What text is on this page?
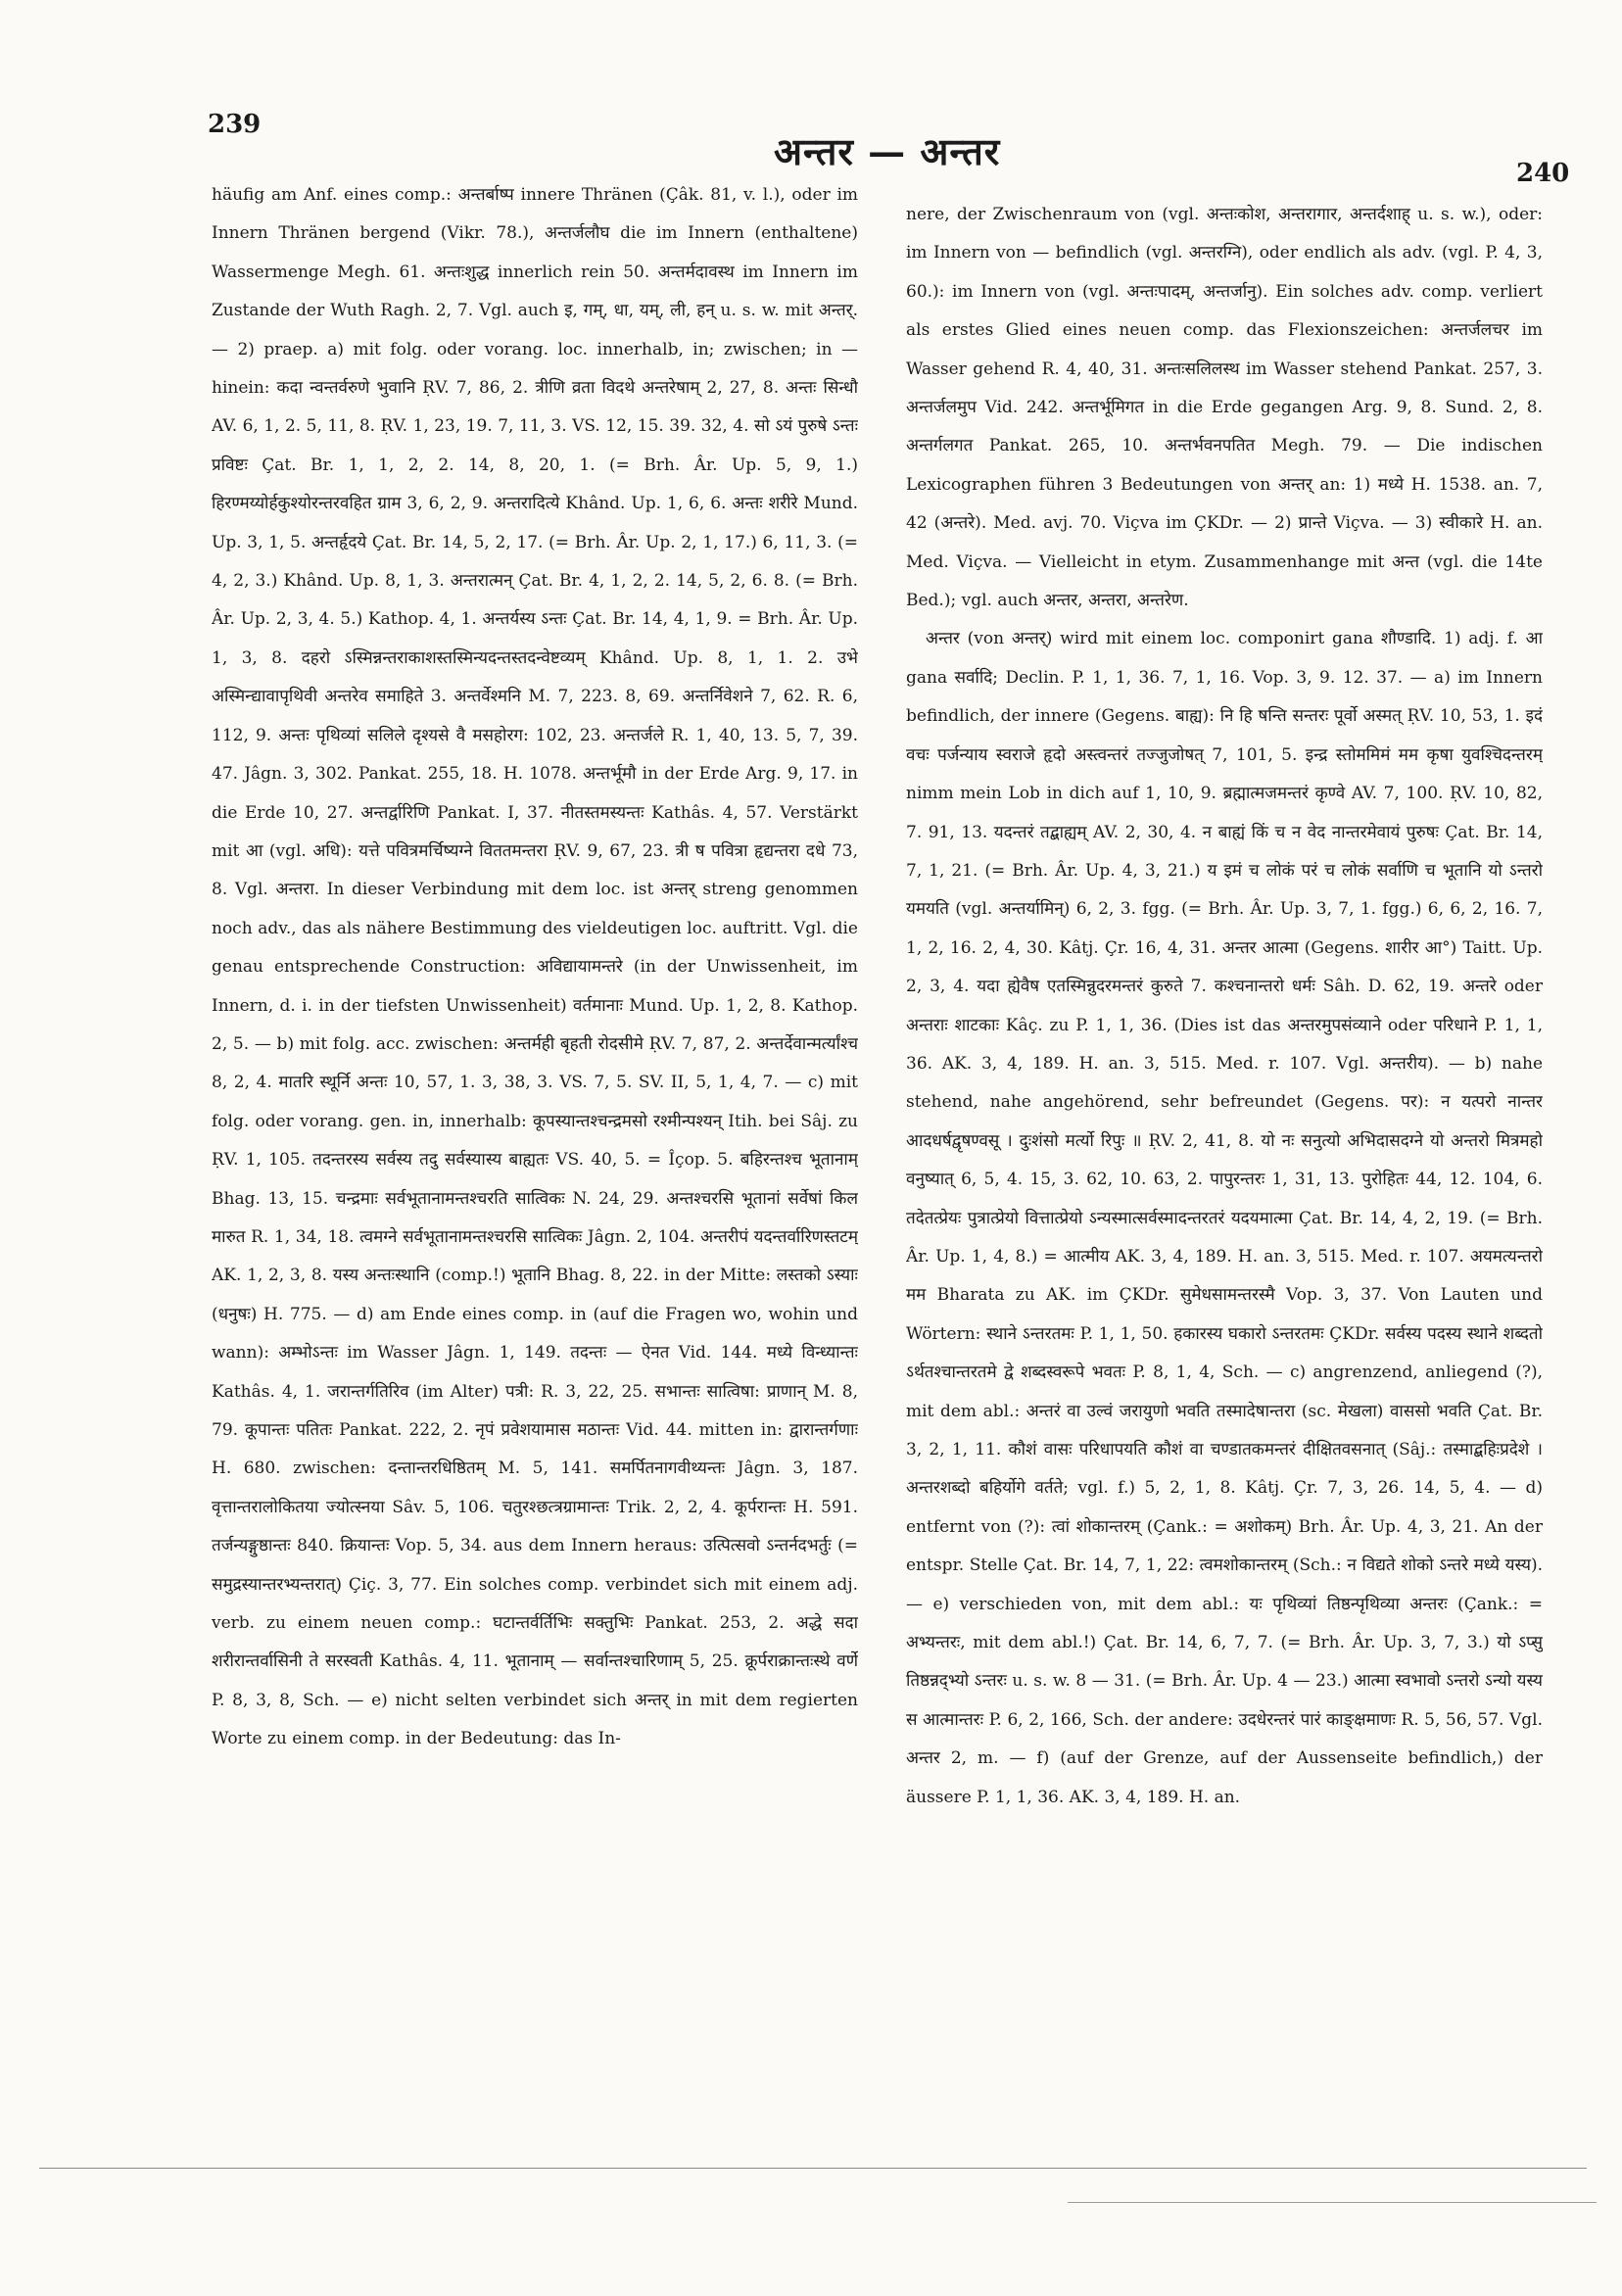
239
अन्तर — अन्तर	240

häufig am Anf. eines comp.: अन्तर्बाष्प innere Thränen (Çâk. 81, v. l.), oder im Innern Thränen bergend (Vikr. 78.), अन्तर्जलौघ die im Innern (enthaltene) Wassermenge Megh. 61. अन्तःशुद्ध innerlich rein 50. अन्तर्मदावस्थ im Innern im Zustande der Wuth Ragh. 2, 7. Vgl. auch इ, गम्, धा, यम्, ली, हन् u. s. w. mit अन्तर्. — 2) praep. a) mit folg. oder vorang. loc. innerhalb, in; zwischen; in — hinein: कदा न्वन्तर्वरुणे भुवानि ṚV. 7, 86, 2. त्रीणि व्रता विदथे अन्तरेषाम् 2, 27, 8. अन्तः सिन्धौ AV. 6, 1, 2. 5, 11, 8. ṚV. 1, 23, 19. 7, 11, 3. VS. 12, 15. 39. 32, 4. सो ऽयं पुरुषे ऽन्तः प्रविष्टः Çat. Br. 1, 1, 2, 2. 14, 8, 20, 1. (= Brh. Âr. Up. 5, 9, 1.) हिरण्मय्योर्हकुश्योरन्तरवहित ग्राम 3, 6, 2, 9. अन्तरादित्ये Khând. Up. 1, 6, 6. अन्तः शरीरे Mund. Up. 3, 1, 5. अन्तर्हृदये Çat. Br. 14, 5, 2, 17. (= Brh. Âr. Up. 2, 1, 17.) 6, 11, 3. (= 4, 2, 3.) Khând. Up. 8, 1, 3. अन्तरात्मन् Çat. Br. 4, 1, 2, 2. 14, 5, 2, 6. 8. (= Brh. Âr. Up. 2, 3, 4. 5.) Kathop. 4, 1. अन्तर्यस्य ऽन्तः Çat. Br. 14, 4, 1, 9. = Brh. Âr. Up. 1, 3, 8. दहरो ऽस्मिन्नन्तराकाशस्तस्मिन्यदन्तस्तदन्वेष्टव्यम् Khând. Up. 8, 1, 1. 2. उभे अस्मिन्द्यावापृथिवी अन्तरेव समाहिते 3. अन्तर्वेश्मनि M. 7, 223. 8, 69. अन्तर्निवेशने 7, 62. R. 6, 112, 9. अन्तः पृथिव्यां सलिले दृश्यसे वै मसहोरग: 102, 23. अन्तर्जले R. 1, 40, 13. 5, 7, 39. 47. Jâgn. 3, 302. Pankat. 255, 18. H. 1078. अन्तर्भूमौ in der Erde Arg. 9, 17. in die Erde 10, 27. अन्तर्द्वारिणि Pankat. I, 37. नीतस्तमस्यन्तः Kathâs. 4, 57. Verstärkt mit आ (vgl. अधि): यत्ते पवित्रमर्चिष्यग्ने विततमन्तरा ṚV. 9, 67, 23. त्री ष पवित्रा हृद्यन्तरा दधे 73, 8. Vgl. अन्तरा. In dieser Verbindung mit dem loc. ist अन्तर् streng genommen noch adv., das als nähere Bestimmung des vieldeutigen loc. auftritt. Vgl. die genau entsprechende Construction: अविद्यायामन्तरे (in der Unwissenheit, im Innern, d. i. in der tiefsten Unwissenheit) वर्तमानाः Mund. Up. 1, 2, 8. Kathop. 2, 5. — b) mit folg. acc. zwischen: अन्तर्मही बृहती रोदसीमे ṚV. 7, 87, 2. अन्तर्देवान्मर्त्यांश्च 8, 2, 4. मातरि स्थूर्नि अन्तः 10, 57, 1. 3, 38, 3. VS. 7, 5. SV. II, 5, 1, 4, 7. — c) mit folg. oder vorang. gen. in, innerhalb: कूपस्यान्तश्चन्द्रमसो रश्मीन्पश्यन् Itih. bei Sâj. zu ṚV. 1, 105. तदन्तरस्य सर्वस्य तदु सर्वस्यास्य बाह्यतः VS. 40, 5. = Îçop. 5. बहिरन्तश्च भूतानाम् Bhag. 13, 15. चन्द्रमाः सर्वभूतानामन्तश्चरति सात्विकः N. 24, 29. अन्तश्चरसि भूतानां सर्वेषां किल मारुत R. 1, 34, 18. त्वमग्ने सर्वभूतानामन्तश्चरसि सात्विकः Jâgn. 2, 104. अन्तरीपं यदन्तर्वारिणस्तटम् AK. 1, 2, 3, 8. यस्य अन्तःस्थानि (comp.!) भूतानि Bhag. 8, 22. in der Mitte: लस्तको ऽस्याः (धनुषः) H. 775. — d) am Ende eines comp. in (auf die Fragen wo, wohin und wann): अम्भोऽन्तः im Wasser Jâgn. 1, 149. तदन्तः — ऐनत Vid. 144. मध्ये विन्ध्यान्तः Kathâs. 4, 1. जरान्तर्गतिरिव (im Alter) पत्री: R. 3, 22, 25. सभान्तः सात्विषा: प्राणान् M. 8, 79. कूपान्तः पतितः Pankat. 222, 2. नृपं प्रवेशयामास मठान्तः Vid. 44. mitten in: द्वारान्तर्गणाः H. 680. zwischen: दन्तान्तरधिष्ठितम् M. 5, 141. समर्पितनागवीथ्यन्तः Jâgn. 3, 187. वृत्तान्तरालोकितया ज्योत्स्नया Sâv. 5, 106. चतुरश्छत्त्रग्रामान्तः Trik. 2, 2, 4. कूर्परान्तः H. 591. तर्जन्यङ्गुष्ठान्तः 840. क्रियान्तः Vop. 5, 34. aus dem Innern heraus: उत्पित्सवो ऽन्तर्नदभर्तुः (= समुद्रस्यान्तरभ्यन्तरात्) Çiç. 3, 77. Ein solches comp. verbindet sich mit einem adj. verb. zu einem neuen comp.: घटान्तर्वर्तिभिः सक्तुभिः Pankat. 253, 2. अद्धे सदा शरीरान्तर्वासिनी ते सरस्वती Kathâs. 4, 11. भूतानाम् — सर्वान्तश्चारिणाम् 5, 25. क्रूर्पराक्रान्तःस्थे वर्णे P. 8, 3, 8, Sch. — e) nicht selten verbindet sich अन्तर् in mit dem regierten Worte zu einem comp. in der Bedeutung: das In-

nere, der Zwischenraum von (vgl. अन्तःकोश, अन्तरागार, अन्तर्दशाह् u. s. w.), oder: im Innern von — befindlich (vgl. अन्तरग्नि), oder endlich als adv. (vgl. P. 4, 3, 60.): im Innern von (vgl. अन्तःपादम्, अन्तर्जानु). Ein solches adv. comp. verliert als erstes Glied eines neuen comp. das Flexionszeichen: अन्तर्जलचर im Wasser gehend R. 4, 40, 31. अन्तःसलिलस्थ im Wasser stehend Pankat. 257, 3. अन्तर्जलमुप Vid. 242. अन्तर्भूमिगत in die Erde gegangen Arg. 9, 8. Sund. 2, 8. अन्तर्गलगत Pankat. 265, 10. अन्तर्भवनपतित Megh. 79. — Die indischen Lexicographen führen 3 Bedeutungen von अन्तर् an: 1) मध्ये H. 1538. an. 7, 42 (अन्तरे). Med. avj. 70. Viçva im ÇKDr. — 2) प्रान्ते Viçva. — 3) स्वीकारे H. an. Med. Viçva. — Vielleicht in etym. Zusammenhange mit अन्त (vgl. die 14te Bed.); vgl. auch अन्तर, अन्तरा, अन्तरेण.

अन्तर (von अन्तर्) wird mit einem loc. componirt gana शौण्डादि. 1) adj. f. आ gana सर्वादि; Declin. P. 1, 1, 36. 7, 1, 16. Vop. 3, 9. 12. 37. — a) im Innern befindlich, der innere (Gegens. बाह्य): नि हि षन्ति सन्तरः पूर्वो अस्मत् ṚV. 10, 53, 1. इदं वचः पर्जन्याय स्वराजे हृदो अस्त्वन्तरं तज्जुजोषत् 7, 101, 5. इन्द्र स्तोममिमं मम कृषा युवश्चिदन्तरम् nimm mein Lob in dich auf 1, 10, 9. ब्रह्मात्मजमन्तरं कृण्वे AV. 7, 100. ṚV. 10, 82, 7. 91, 13. यदन्तरं तद्बाह्यम् AV. 2, 30, 4. न बाह्यं किं च न वेद नान्तरमेवायं पुरुषः Çat. Br. 14, 7, 1, 21. (= Brh. Âr. Up. 4, 3, 21.) य इमं च लोकं परं च लोकं सर्वाणि च भूतानि यो ऽन्तरो यमयति (vgl. अन्तर्यामिन्) 6, 2, 3. fgg. (= Brh. Âr. Up. 3, 7, 1. fgg.) 6, 6, 2, 16. 7, 1, 2, 16. 2, 4, 30. Kâtj. Çr. 16, 4, 31. अन्तर आत्मा (Gegens. शारीर आ°) Taitt. Up. 2, 3, 4. यदा ह्येवैष एतस्मिन्नुदरमन्तरं कुरुते 7. कश्चनान्तरो धर्मः Sâh. D. 62, 19. अन्तरे oder अन्तराः शाटकाः Kâç. zu P. 1, 1, 36. (Dies ist das अन्तरमुपसंव्याने oder परिधाने P. 1, 1, 36. AK. 3, 4, 189. H. an. 3, 515. Med. r. 107. Vgl. अन्तरीय). — b) nahe stehend, nahe angehörend, sehr befreundet (Gegens. पर): न यत्परो नान्तर आदधर्षद्वृषण्वसू । दुःशंसो मर्त्यो रिपुः ॥ ṚV. 2, 41, 8. यो नः सनुत्यो अभिदासदग्ने यो अन्तरो मित्रमहो वनुष्यात् 6, 5, 4. 15, 3. 62, 10. 63, 2. पापुरन्तरः 1, 31, 13. पुरोहितः 44, 12. 104, 6. तदेतत्प्रेयः पुत्रात्प्रेयो वित्तात्प्रेयो ऽन्यस्मात्सर्वस्मादन्तरतरं यदयमात्मा Çat. Br. 14, 4, 2, 19. (= Brh. Âr. Up. 1, 4, 8.) = आत्मीय AK. 3, 4, 189. H. an. 3, 515. Med. r. 107. अयमत्यन्तरो मम Bharata zu AK. im ÇKDr. सुमेधसामन्तरस्मै Vop. 3, 37. Von Lauten und Wörtern: स्थाने ऽन्तरतमः P. 1, 1, 50. हकारस्य घकारो ऽन्तरतमः ÇKDr. सर्वस्य पदस्य स्थाने शब्दतो ऽर्थतश्चान्तरतमे द्वे शब्दस्वरूपे भवतः P. 8, 1, 4, Sch. — c) angrenzend, anliegend (?), mit dem abl.: अन्तरं वा उल्वं जरायुणो भवति तस्मादेषान्तरा (sc. मेखला) वाससो भवति Çat. Br. 3, 2, 1, 11. कौशं वासः परिधापयति कौशं वा चण्डातकमन्तरं दीक्षितवसनात् (Sâj.: तस्माद्बहिःप्रदेशे । अन्तरशब्दो बहिर्योगे वर्तते; vgl. f.) 5, 2, 1, 8. Kâtj. Çr. 7, 3, 26. 14, 5, 4. — d) entfernt von (?): त्वां शोकान्तरम् (Çank.: = अशोकम्) Brh. Âr. Up. 4, 3, 21. An der entspr. Stelle Çat. Br. 14, 7, 1, 22: त्वमशोकान्तरम् (Sch.: न विद्यते शोको ऽन्तरे मध्ये यस्य). — e) verschieden von, mit dem abl.: यः पृथिव्यां तिष्ठन्पृथिव्या अन्तरः (Çank.: = अभ्यन्तरः, mit dem abl.!) Çat. Br. 14, 6, 7, 7. (= Brh. Âr. Up. 3, 7, 3.) यो ऽप्सु तिष्ठन्नद्भ्यो ऽन्तरः u. s. w. 8 — 31. (= Brh. Âr. Up. 4 — 23.) आत्मा स्वभावो ऽन्तरो ऽन्यो यस्य स आत्मान्तरः P. 6, 2, 166, Sch. der andere: उदधेरन्तरं पारं काङ्क्षमाणः R. 5, 56, 57. Vgl. अन्तर 2, m. — f) (auf der Grenze, auf der Aussenseite befindlich,) der äussere P. 1, 1, 36. AK. 3, 4, 189. H. an.
